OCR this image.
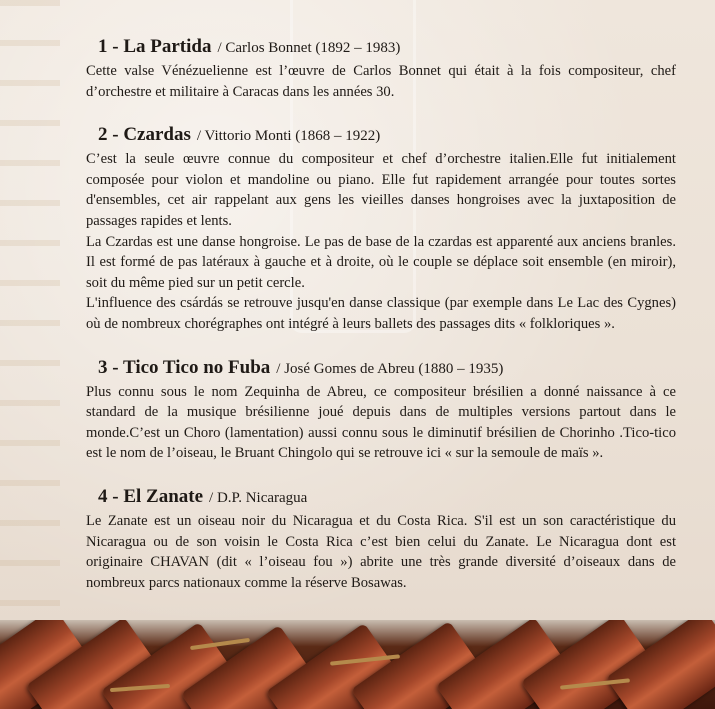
1 - La Partida / Carlos Bonnet (1892 – 1983)

Cette valse Vénézuelienne est l’œuvre de Carlos Bonnet qui était à la fois compositeur, chef d’orchestre et militaire à Caracas dans les années 30.

2 - Czardas / Vittorio Monti (1868 – 1922)

C’est la seule œuvre connue du compositeur et chef d’orchestre italien.Elle fut initialement composée pour violon et mandoline ou piano. Elle fut rapidement arrangée pour toutes sortes d'ensembles, cet air rappelant aux gens les vieilles danses hongroises avec la juxtaposition de passages rapides et lents.

La Czardas est une danse hongroise. Le pas de base de la czardas est apparenté aux anciens branles. Il est formé de pas latéraux à gauche et à droite, où le couple se déplace soit ensemble (en miroir), soit du même pied sur un petit cercle.

L'influence des csárdás se retrouve jusqu'en danse classique (par exemple dans Le Lac des Cygnes) où de nombreux chorégraphes ont intégré à leurs ballets des passages dits « folkloriques ».

3 - Tico Tico no Fuba / José Gomes de Abreu (1880 – 1935)

Plus connu sous le nom Zequinha de Abreu, ce compositeur brésilien a donné naissance à ce standard de la musique brésilienne joué depuis dans de multiples versions partout dans le monde.C’est un Choro (lamentation) aussi connu sous le diminutif brésilien de Chorinho .Tico-tico est le nom de l’oiseau, le Bruant Chingolo qui se retrouve ici « sur la semoule de maïs ».

4 - El Zanate / D.P. Nicaragua

Le Zanate est un oiseau noir du Nicaragua et du Costa Rica. S'il est un son caractéristique du Nicaragua ou de son voisin le Costa Rica c’est bien celui du Zanate. Le Nicaragua dont est originaire CHAVAN (dit « l’oiseau fou ») abrite une très grande diversité d’oiseaux dans de nombreux parcs nationaux comme la réserve Bosawas.
